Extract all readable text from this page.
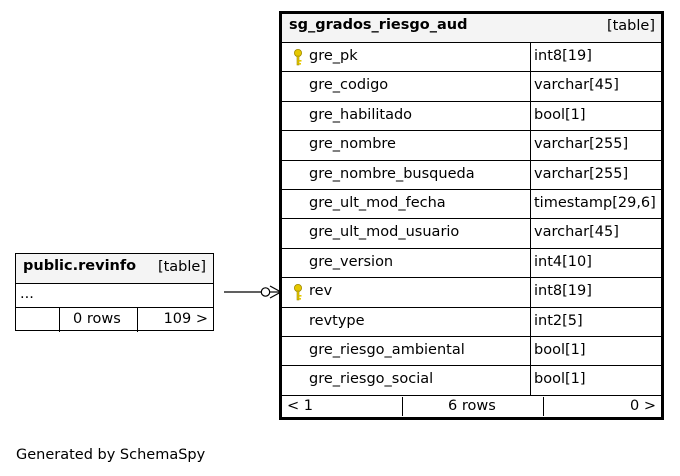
public.revinfo [table]
...
0 rows	109 >
sg_grados_riesgo_aud	[table]
gre_pk	int8[19]
gre_codigo	varchar[45]
gre_habilitado	bool[1]
gre_nombre	varchar[255]
gre_nombre_busqueda	varchar[255]
gre_ult_mod_fecha	timestamp[29,6]
gre_ult_mod_usuario	varchar[45]
gre_version	int4[10]
rev	int8[19]
revtype	int2[5]
gre_riesgo_ambiental	bool[1]
gre_riesgo_social	bool[1]
< 1	6 rows	0 >
Generated by SchemaSpy
